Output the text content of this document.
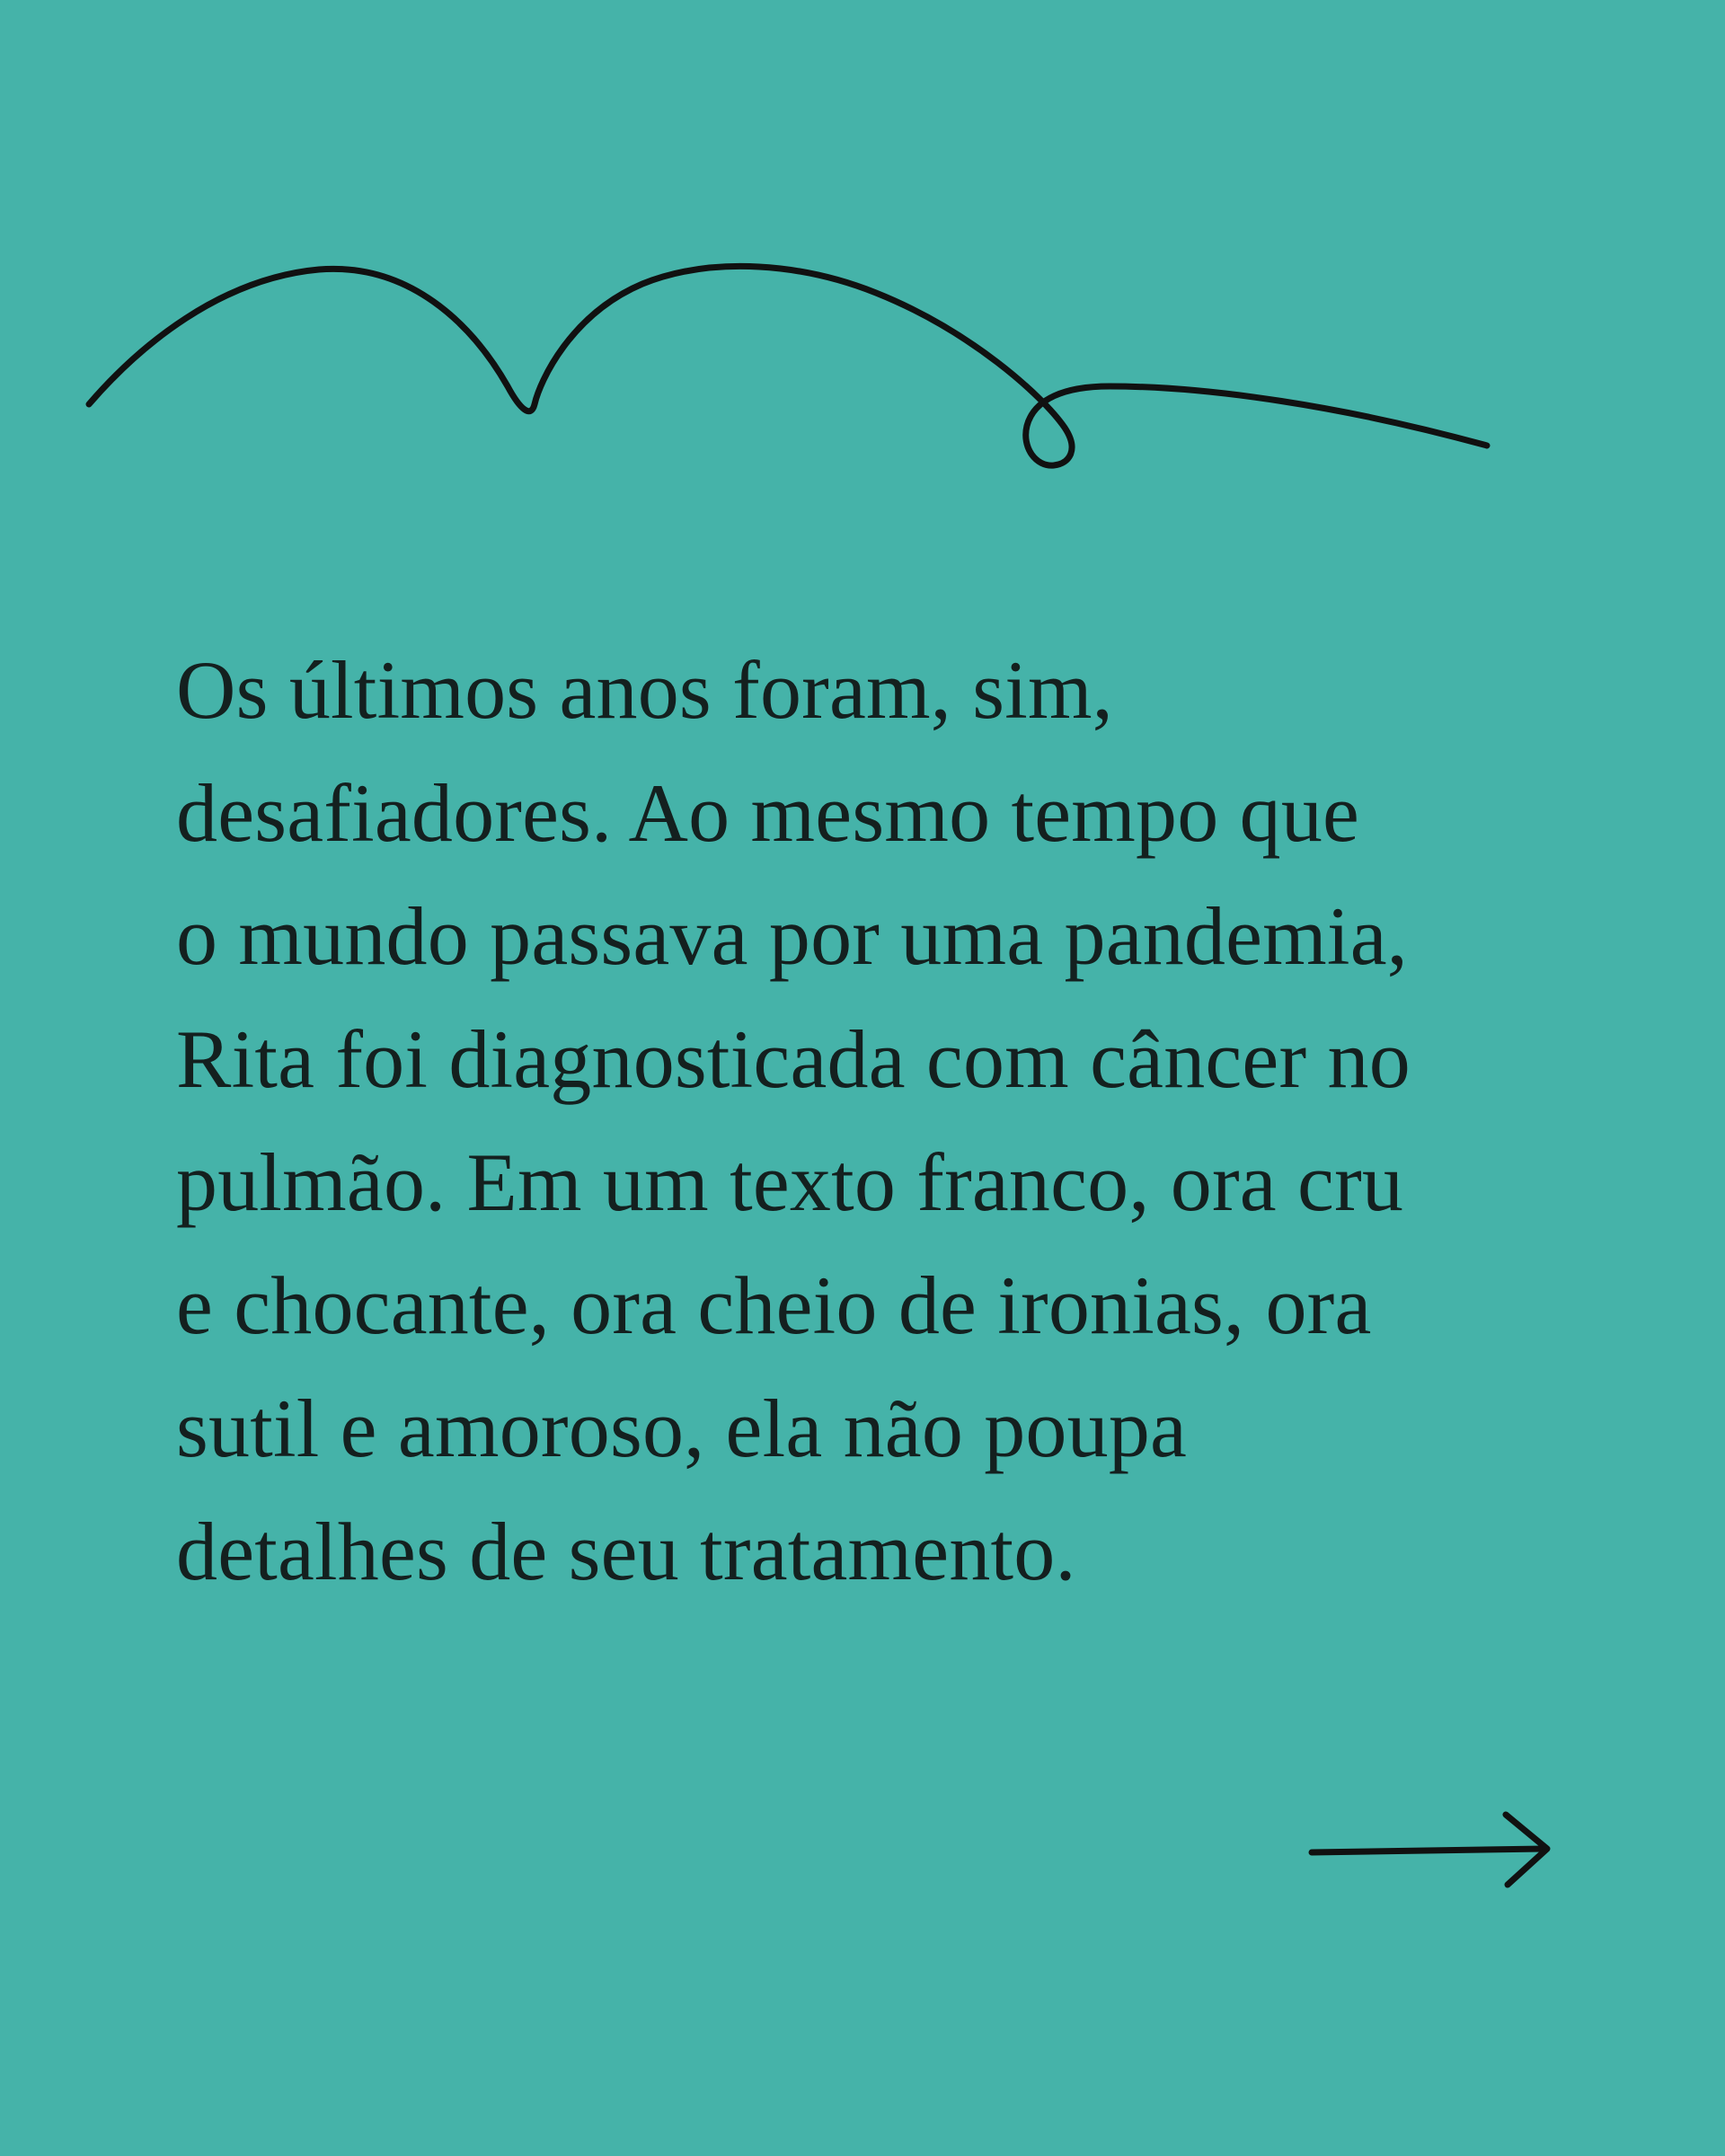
Os últimos anos foram, sim,
desafiadores. Ao mesmo tempo que
o mundo passava por uma pandemia,
Rita foi diagnosticada com câncer no
pulmão. Em um texto franco, ora cru
e chocante, ora cheio de ironias, ora
sutil e amoroso, ela não poupa
detalhes de seu tratamento.
